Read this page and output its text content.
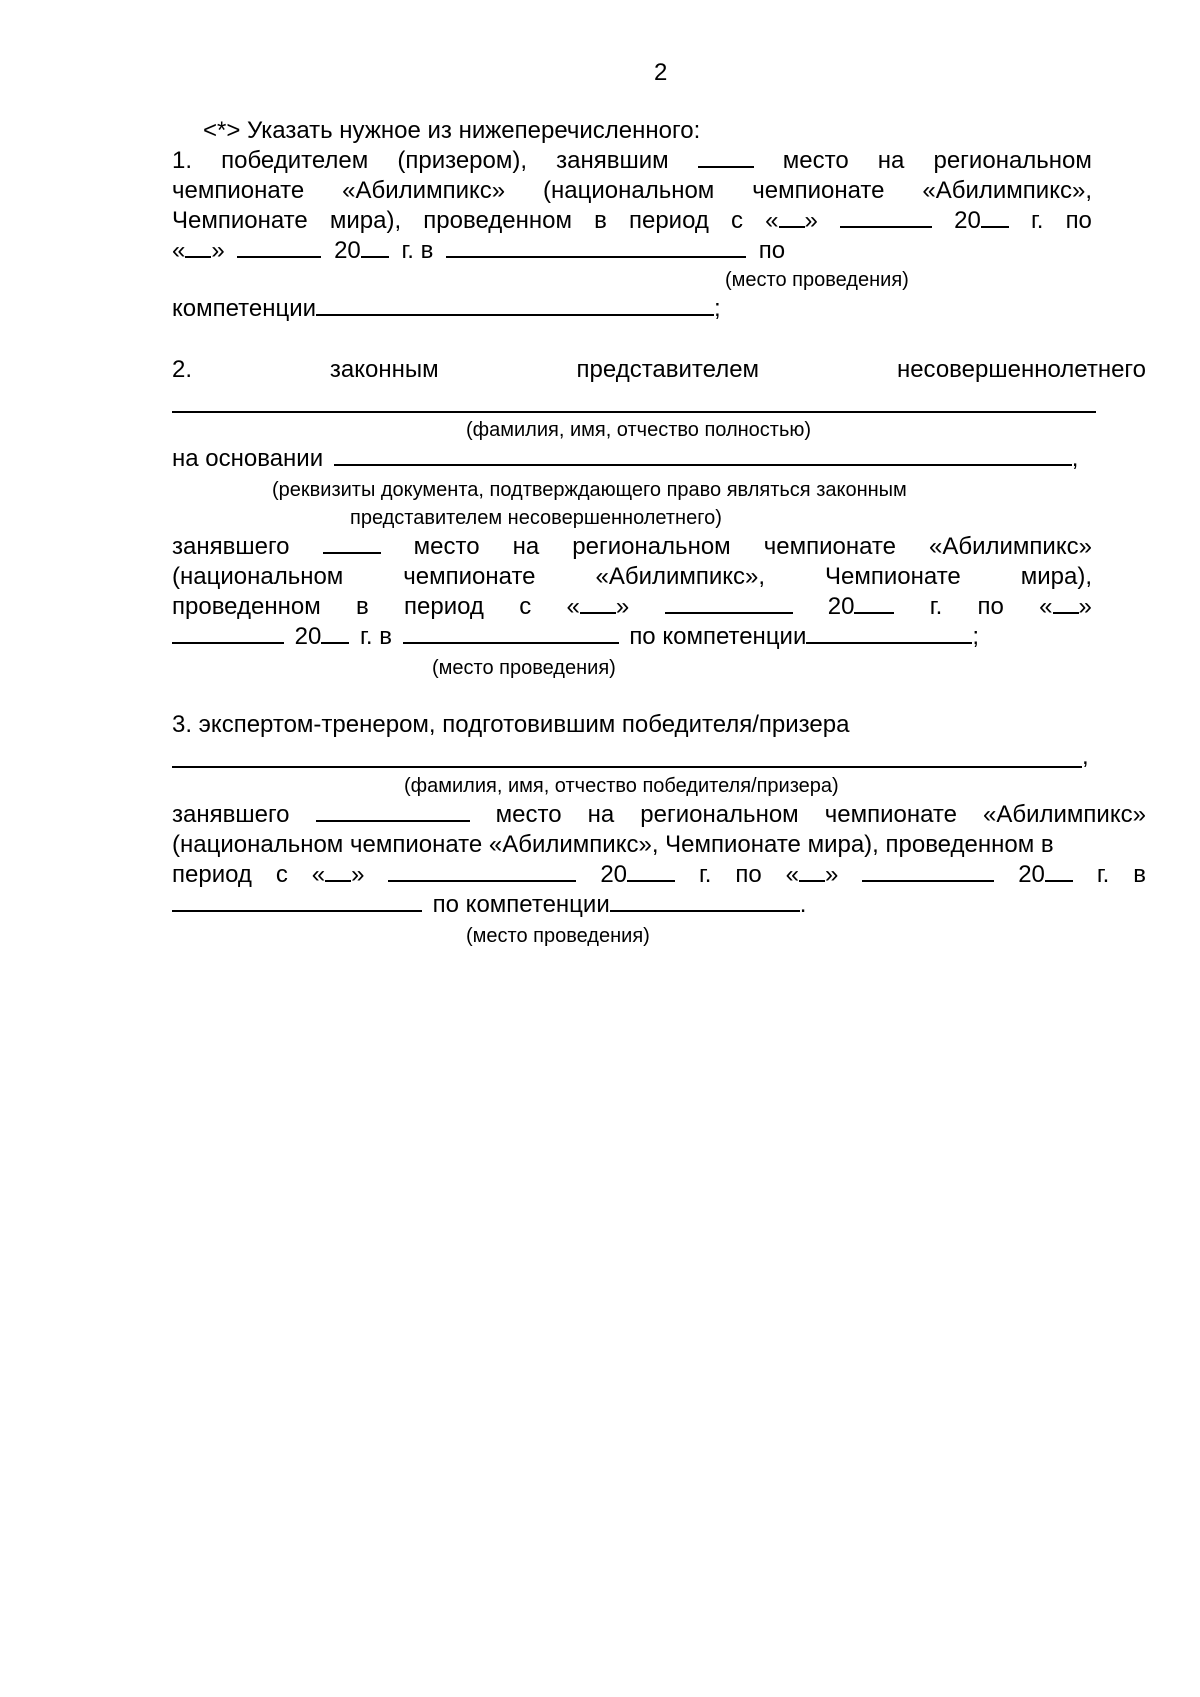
2
<*> Указать нужное из нижеперечисленного:
1. победителем (призером), занявшим	место на региональном
чемпионате «Абилимпикс» (национальном чемпионате «Абилимпикс»,
Чемпионате мира), проведенном в период с « »	20	г. по
« »	20 г. в	по
(место проведения)
компетенции	;
2.	законным	представителем	несовершеннолетнего
(фамилия, имя, отчество полностью)
на основании	,
(реквизиты документа, подтверждающего право являться законным
представителем несовершеннолетнего)
занявшего	место на региональном чемпионате «Абилимпикс»
(национальном чемпионате «Абилимпикс», Чемпионате мира),
проведенном в период с « »	20	г. по « »
20 г. в	по компетенции	;
(место проведения)
3. экспертом-тренером, подготовившим победителя/призера
,
(фамилия, имя, отчество победителя/призера)
занявшего	место на региональном чемпионате «Абилимпикс»
(национальном чемпионате «Абилимпикс», Чемпионате мира), проведенном в
период с « »	20	г. по « »	20	г. в
по компетенции	.
(место проведения)
